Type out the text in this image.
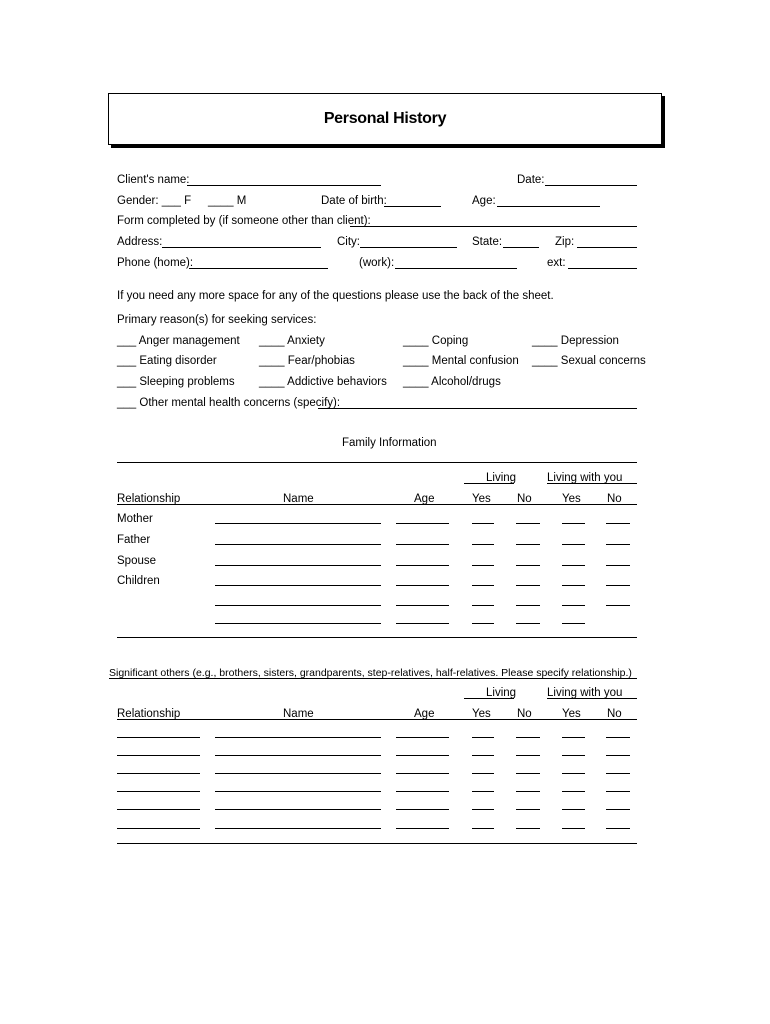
Personal History
Client's name:	Date:
Gender: ___ F ____ M	Date of birth:	Age:
Form completed by (if someone other than client):
Address:	City:	State:	Zip:
Phone (home):	(work):	ext:
If you need any more space for any of the questions please use the back of the sheet.
Primary reason(s) for seeking services:
___ Anger management ____ Anxiety	____ Coping	____ Depression
___ Eating disorder	____ Fear/phobias	____ Mental confusion ____ Sexual concerns
___ Sleeping problems ____ Addictive behaviors ____ Alcohol/drugs
___ Other mental health concerns (specify):
Family Information
Living	Living with you
Relationship	Name	Age	Yes No	Yes No
Mother
Father
Spouse
Children
Significant others (e.g., brothers, sisters, grandparents, step-relatives, half-relatives. Please specify relationship.)
Living	Living with you
Relationship	Name	Age	Yes No	Yes No
